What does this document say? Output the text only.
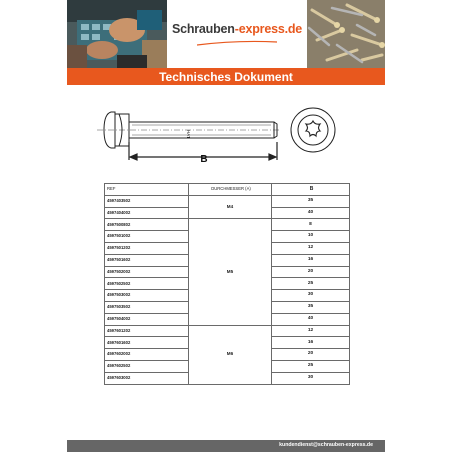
Schrauben-express.de
Technisches Dokument
HAT
B
REF	DURCHMESSER (A)	B
4597403502	M4	35
4597404002		40
4597500802	M5	8
4597501002		10
4597501202		12
4597501602		16
4597502002		20
4597502502		25
4597503002		30
4597503502		35
4597504002		40
4597601202	M6	12
4597601602		16
4597602002		20
4597602502		25
4597603002		30
kundendienst@schrauben-express.de
